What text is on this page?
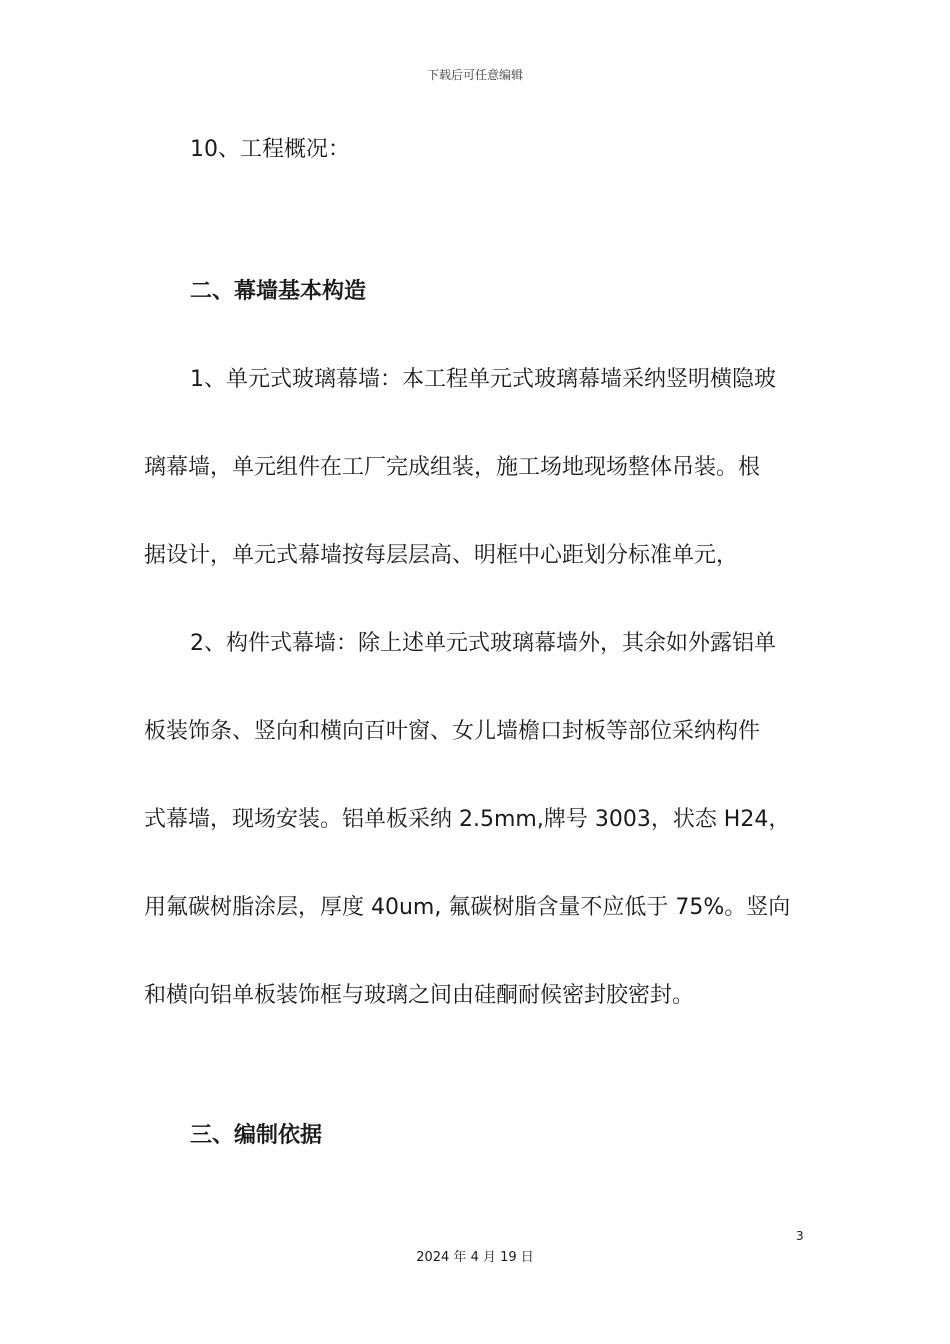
下载后可任意编辑
10、工程概况：
二、幕墙基本构造
1、单元式玻璃幕墙：本工程单元式玻璃幕墙采纳竖明横隐玻
璃幕墙，单元组件在工厂完成组装，施工场地现场整体吊装。根
据设计，单元式幕墙按每层层高、明框中心距划分标准单元，
2、构件式幕墙：除上述单元式玻璃幕墙外，其余如外露铝单
板装饰条、竖向和横向百叶窗、女儿墙檐口封板等部位采纳构件
式幕墙，现场安装。铝单板采纳 2.5mm,牌号 3003，状态 H24，
用氟碳树脂涂层，厚度 40um, 氟碳树脂含量不应低于 75%。竖向
和横向铝单板装饰框与玻璃之间由硅酮耐候密封胶密封。
三、编制依据
3
2024 年 4 月 19 日
